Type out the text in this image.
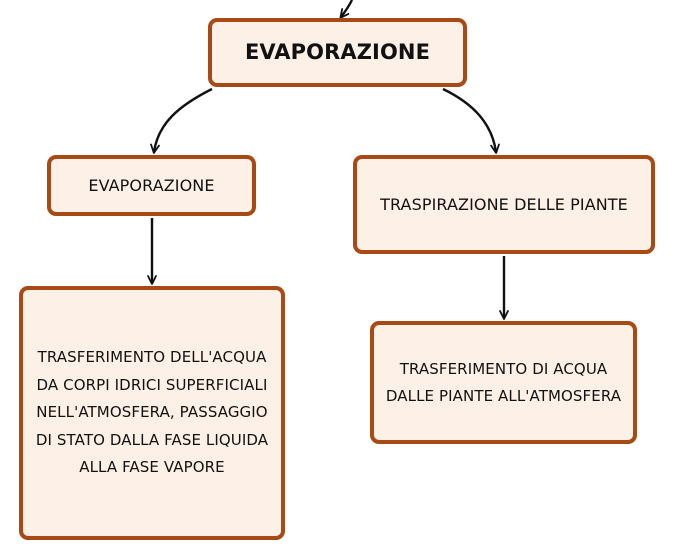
EVAPORAZIONE
EVAPORAZIONE
TRASPIRAZIONE DELLE PIANTE
TRASFERIMENTO DELL'ACQUA DA CORPI IDRICI SUPERFICIALI NELL'ATMOSFERA, PASSAGGIO DI STATO DALLA FASE LIQUIDA ALLA FASE VAPORE
TRASFERIMENTO DI ACQUA DALLE PIANTE ALL'ATMOSFERA
